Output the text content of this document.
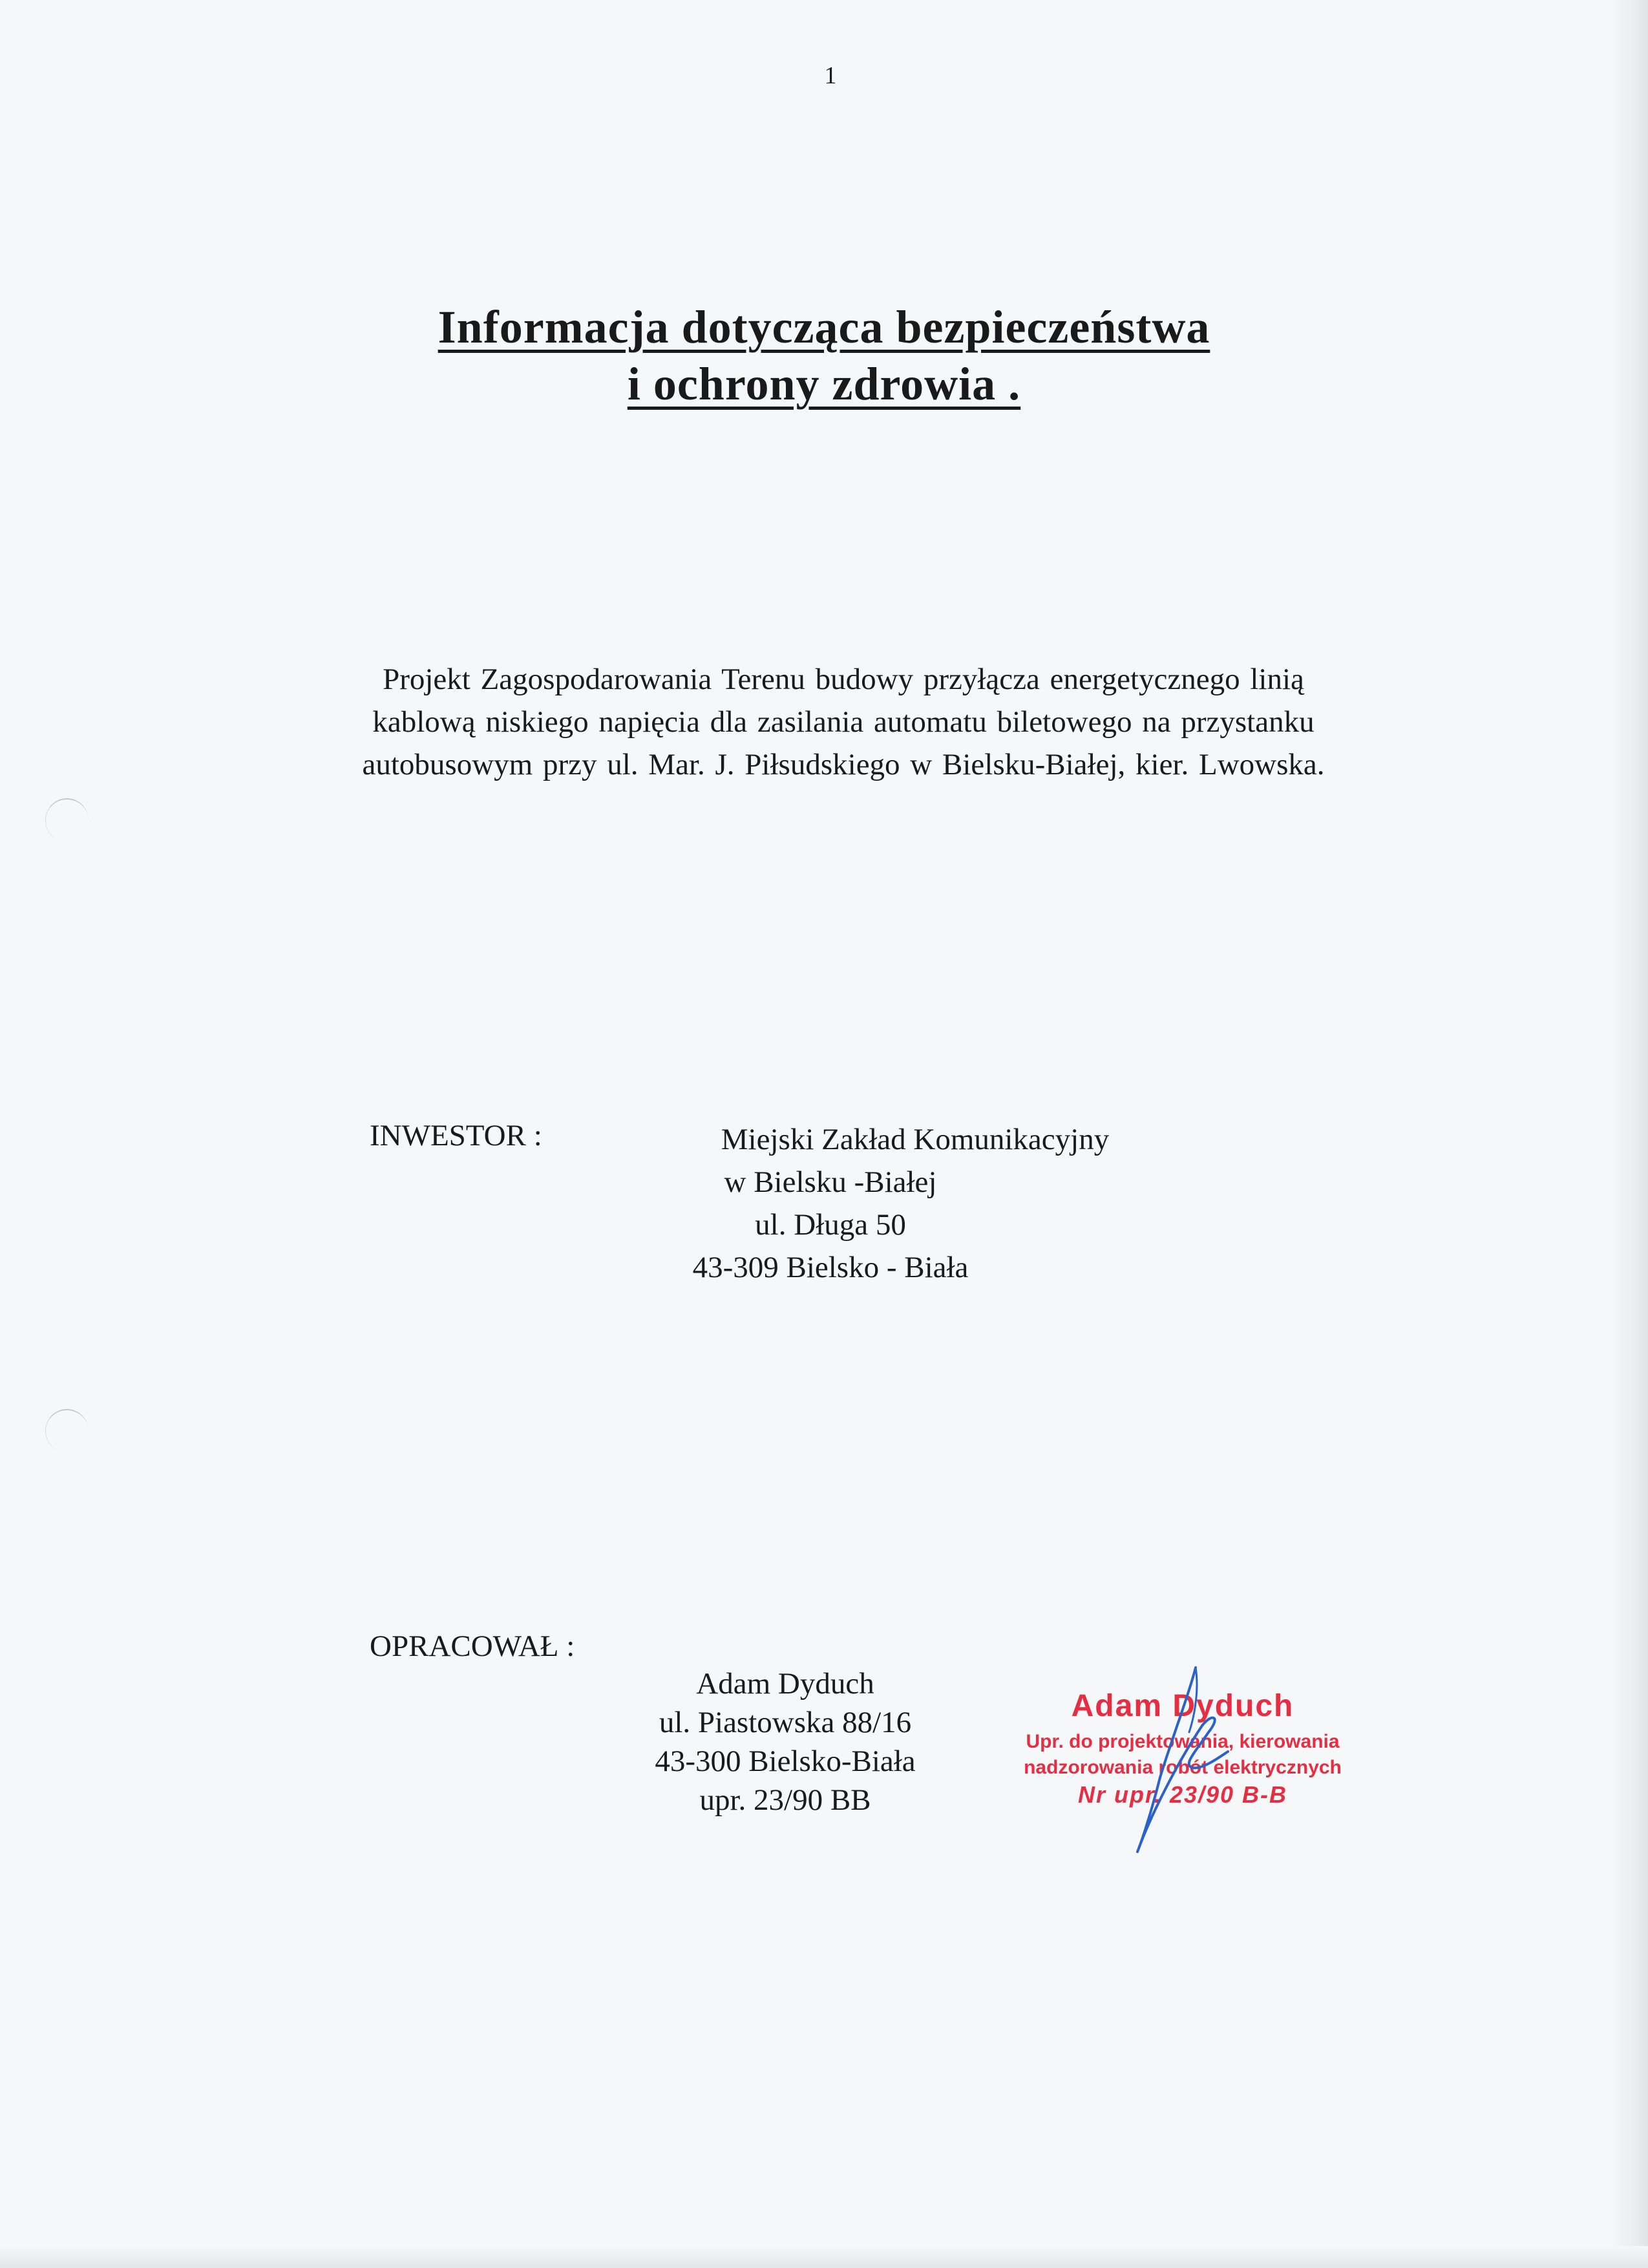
1
Informacja dotycząca bezpieczeństwa
i ochrony zdrowia .
Projekt Zagospodarowania Terenu budowy przyłącza energetycznego linią
kablową niskiego napięcia dla zasilania automatu biletowego na przystanku
autobusowym przy ul. Mar. J. Piłsudskiego w Bielsku-Białej, kier. Lwowska.
INWESTOR :	Miejski Zakład Komunikacyjny
w Bielsku -Białej
ul. Długa 50
43-309 Bielsko - Biała
OPRACOWAŁ :
Adam Dyduch
ul. Piastowska 88/16
43-300 Bielsko-Biała
upr. 23/90 BB
Adam Dyduch
Upr. do projektowania, kierowania
nadzorowania robót elektrycznych
Nr upr. 23/90 B-B
